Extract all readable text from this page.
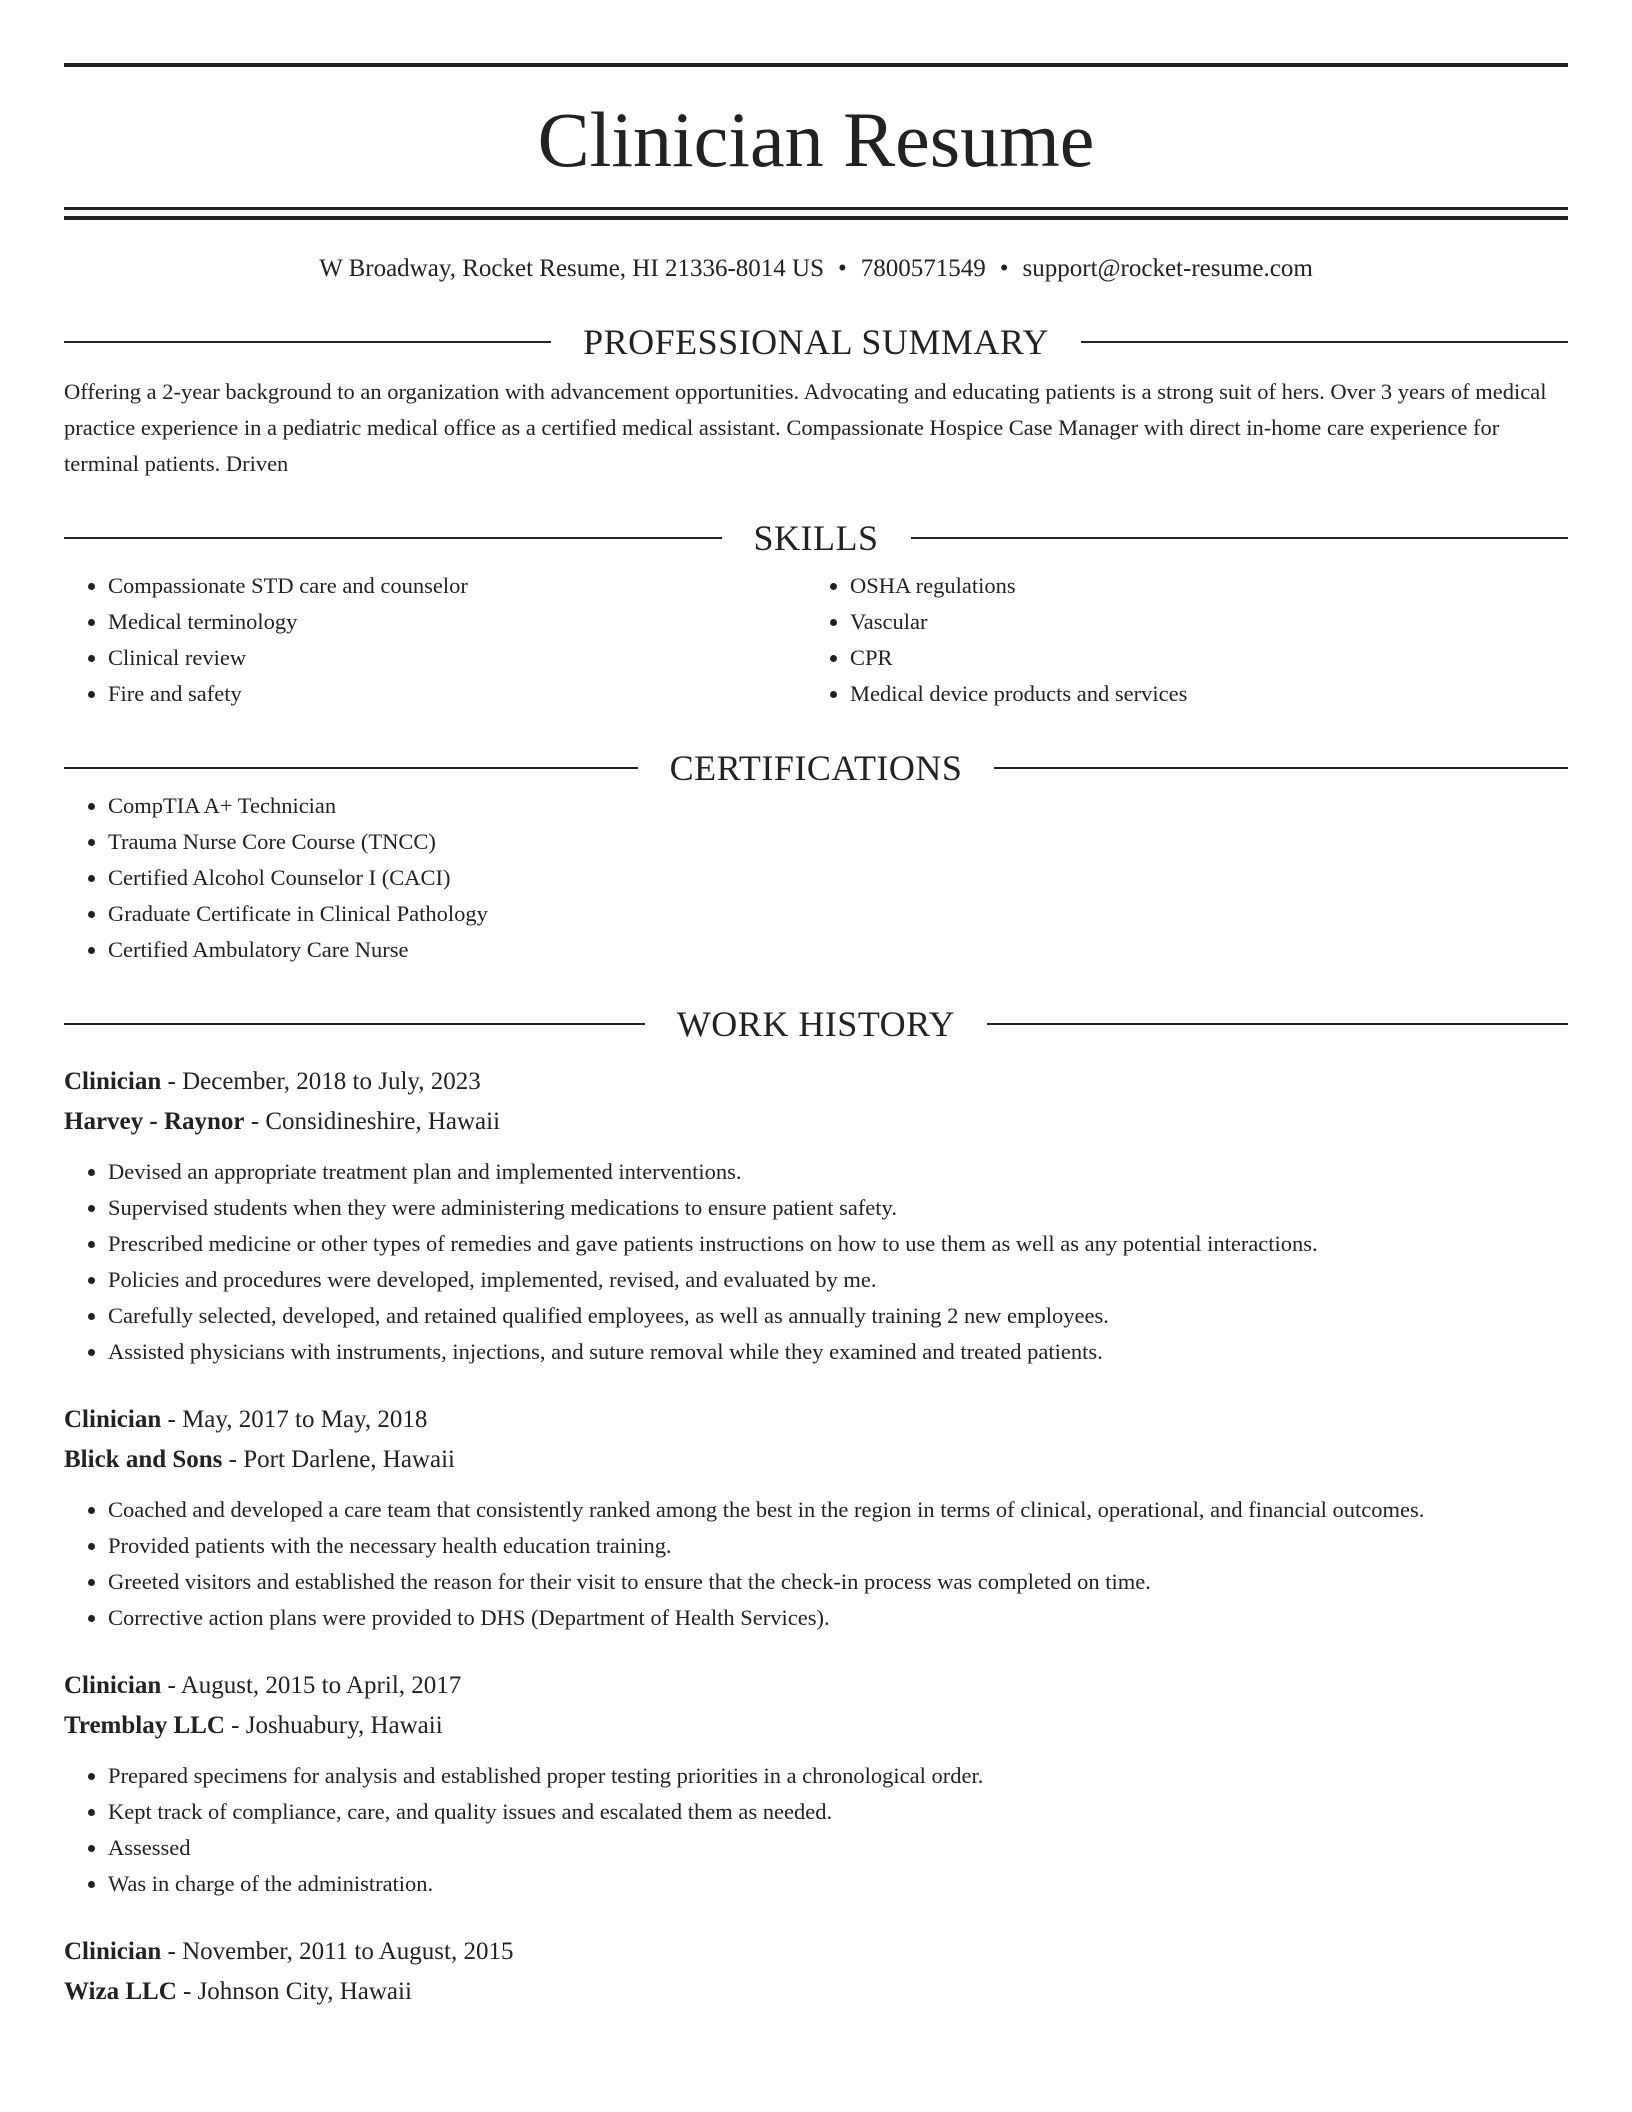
Clinician Resume
W Broadway, Rocket Resume, HI 21336-8014 US • 7800571549 • support@rocket-resume.com
PROFESSIONAL SUMMARY
Offering a 2-year background to an organization with advancement opportunities. Advocating and educating patients is a strong suit of hers. Over 3 years of medical practice experience in a pediatric medical office as a certified medical assistant. Compassionate Hospice Case Manager with direct in-home care experience for terminal patients. Driven
SKILLS
• Compassionate STD care and counselor
• Medical terminology
• Clinical review
• Fire and safety
• OSHA regulations
• Vascular
• CPR
• Medical device products and services
CERTIFICATIONS
• CompTIA A+ Technician
• Trauma Nurse Core Course (TNCC)
• Certified Alcohol Counselor I (CACI)
• Graduate Certificate in Clinical Pathology
• Certified Ambulatory Care Nurse
WORK HISTORY
Clinician - December, 2018 to July, 2023
Harvey - Raynor - Considineshire, Hawaii
• Devised an appropriate treatment plan and implemented interventions.
• Supervised students when they were administering medications to ensure patient safety.
• Prescribed medicine or other types of remedies and gave patients instructions on how to use them as well as any potential interactions.
• Policies and procedures were developed, implemented, revised, and evaluated by me.
• Carefully selected, developed, and retained qualified employees, as well as annually training 2 new employees.
• Assisted physicians with instruments, injections, and suture removal while they examined and treated patients.
Clinician - May, 2017 to May, 2018
Blick and Sons - Port Darlene, Hawaii
• Coached and developed a care team that consistently ranked among the best in the region in terms of clinical, operational, and financial outcomes.
• Provided patients with the necessary health education training.
• Greeted visitors and established the reason for their visit to ensure that the check-in process was completed on time.
• Corrective action plans were provided to DHS (Department of Health Services).
Clinician - August, 2015 to April, 2017
Tremblay LLC - Joshuabury, Hawaii
• Prepared specimens for analysis and established proper testing priorities in a chronological order.
• Kept track of compliance, care, and quality issues and escalated them as needed.
• Assessed
• Was in charge of the administration.
Clinician - November, 2011 to August, 2015
Wiza LLC - Johnson City, Hawaii
